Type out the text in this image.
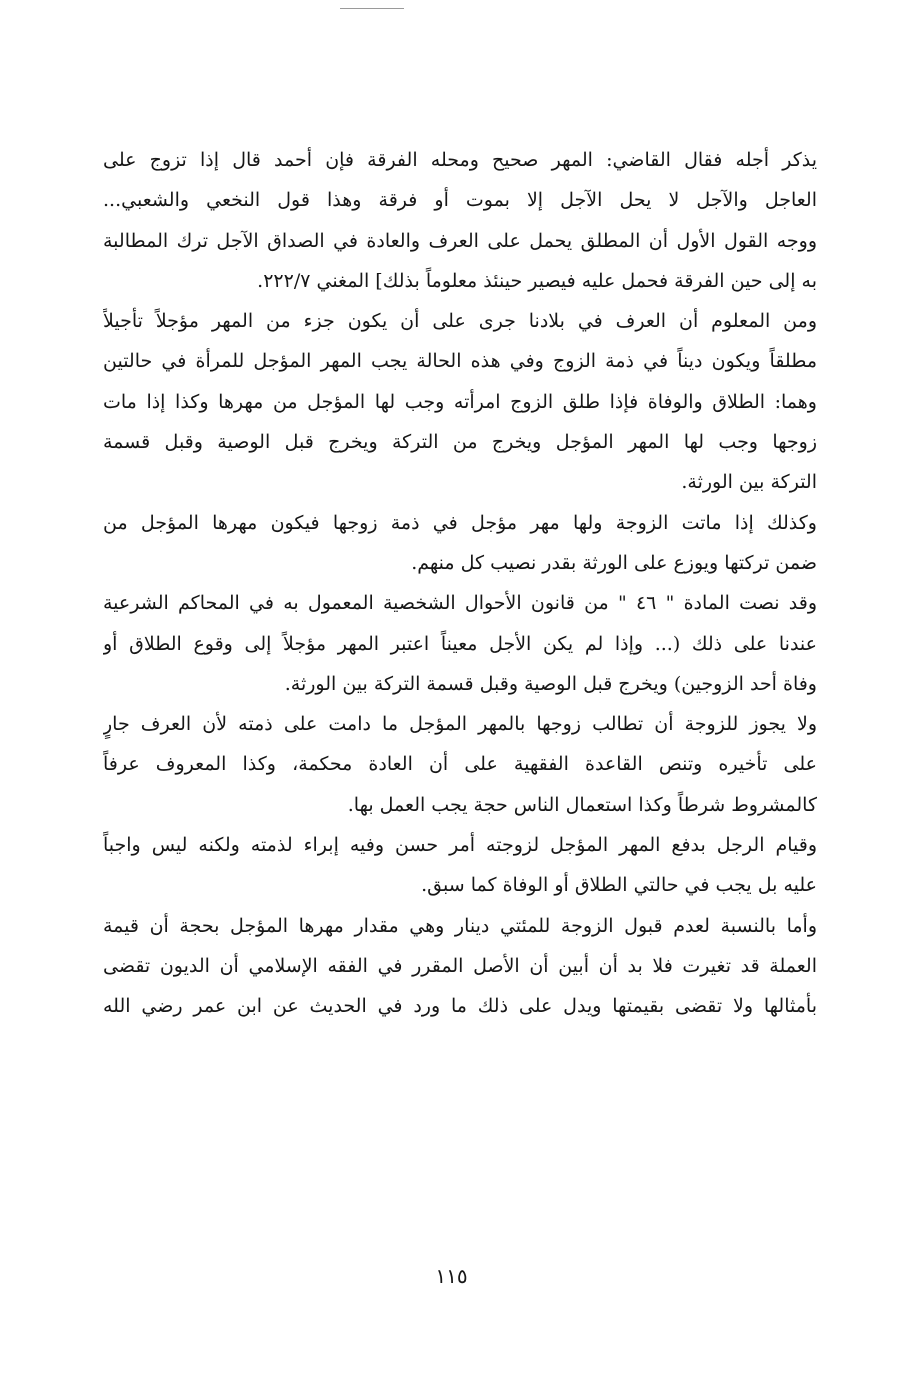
يذكر أجله فقال القاضي: المهر صحيح ومحله الفرقة فإن أحمد قال إذا تزوج على
العاجل والآجل لا يحل الآجل إلا بموت أو فرقة وهذا قول النخعي والشعبي...
ووجه القول الأول أن المطلق يحمل على العرف والعادة في الصداق الآجل ترك المطالبة
به إلى حين الفرقة فحمل عليه فيصير حينئذ معلوماً بذلك] المغني ٢٢٢/٧.
ومن المعلوم أن العرف في بلادنا جرى على أن يكون جزء من المهر مؤجلاً تأجيلاً
مطلقاً ويكون ديناً في ذمة الزوج وفي هذه الحالة يجب المهر المؤجل للمرأة في حالتين
وهما: الطلاق والوفاة فإذا طلق الزوج امرأته وجب لها المؤجل من مهرها وكذا إذا مات
زوجها وجب لها المهر المؤجل ويخرج من التركة ويخرج قبل الوصية وقبل قسمة
التركة بين الورثة.
وكذلك إذا ماتت الزوجة ولها مهر مؤجل في ذمة زوجها فيكون مهرها المؤجل من
ضمن تركتها ويوزع على الورثة بقدر نصيب كل منهم.
وقد نصت المادة " ٤٦ " من قانون الأحوال الشخصية المعمول به في المحاكم الشرعية
عندنا على ذلك (... وإذا لم يكن الأجل معيناً اعتبر المهر مؤجلاً إلى وقوع الطلاق أو
وفاة أحد الزوجين) ويخرج قبل الوصية وقبل قسمة التركة بين الورثة.
ولا يجوز للزوجة أن تطالب زوجها بالمهر المؤجل ما دامت على ذمته لأن العرف جارٍ
على تأخيره وتنص القاعدة الفقهية على أن العادة محكمة، وكذا المعروف عرفاً
كالمشروط شرطاً وكذا استعمال الناس حجة يجب العمل بها.
وقيام الرجل بدفع المهر المؤجل لزوجته أمر حسن وفيه إبراء لذمته ولكنه ليس واجباً
عليه بل يجب في حالتي الطلاق أو الوفاة كما سبق.
وأما بالنسبة لعدم قبول الزوجة للمئتي دينار وهي مقدار مهرها المؤجل بحجة أن قيمة
العملة قد تغيرت فلا بد أن أبين أن الأصل المقرر في الفقه الإسلامي أن الديون تقضى
بأمثالها ولا تقضى بقيمتها ويدل على ذلك ما ورد في الحديث عن ابن عمر رضي الله
١١٥
